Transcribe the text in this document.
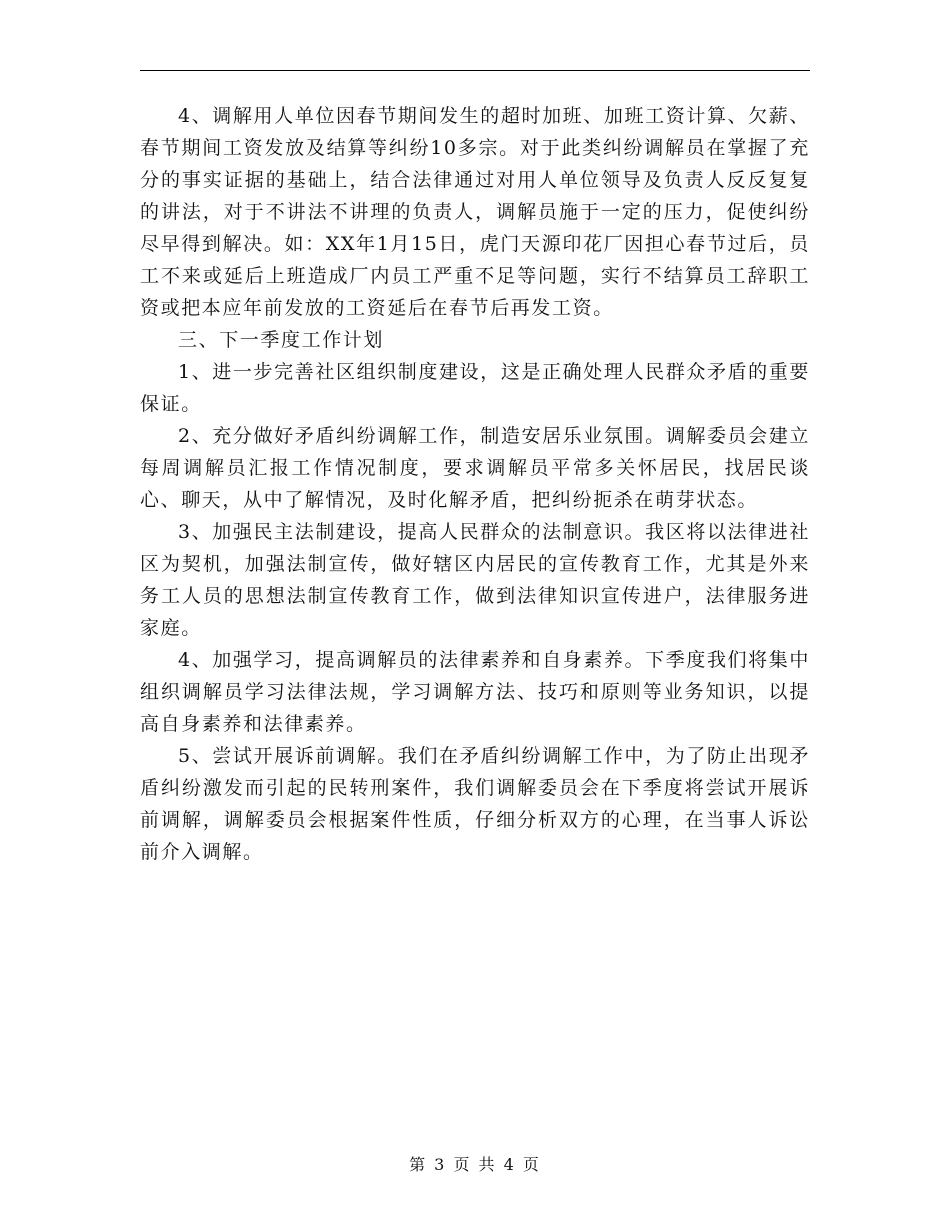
4、调解用人单位因春节期间发生的超时加班、加班工资计算、欠薪、春节期间工资发放及结算等纠纷10多宗。对于此类纠纷调解员在掌握了充分的事实证据的基础上，结合法律通过对用人单位领导及负责人反反复复的讲法，对于不讲法不讲理的负责人，调解员施于一定的压力，促使纠纷尽早得到解决。如：XX年1月15日，虎门天源印花厂因担心春节过后，员工不来或延后上班造成厂内员工严重不足等问题，实行不结算员工辞职工资或把本应年前发放的工资延后在春节后再发工资。

三、下一季度工作计划

1、进一步完善社区组织制度建设，这是正确处理人民群众矛盾的重要保证。

2、充分做好矛盾纠纷调解工作，制造安居乐业氛围。调解委员会建立每周调解员汇报工作情况制度，要求调解员平常多关怀居民，找居民谈心、聊天，从中了解情况，及时化解矛盾，把纠纷扼杀在萌芽状态。

3、加强民主法制建设，提高人民群众的法制意识。我区将以法律进社区为契机，加强法制宣传，做好辖区内居民的宣传教育工作，尤其是外来务工人员的思想法制宣传教育工作，做到法律知识宣传进户，法律服务进家庭。

4、加强学习，提高调解员的法律素养和自身素养。下季度我们将集中组织调解员学习法律法规，学习调解方法、技巧和原则等业务知识，以提高自身素养和法律素养。

5、尝试开展诉前调解。我们在矛盾纠纷调解工作中，为了防止出现矛盾纠纷激发而引起的民转刑案件，我们调解委员会在下季度将尝试开展诉前调解，调解委员会根据案件性质，仔细分析双方的心理，在当事人诉讼前介入调解。

第 3 页 共 4 页
